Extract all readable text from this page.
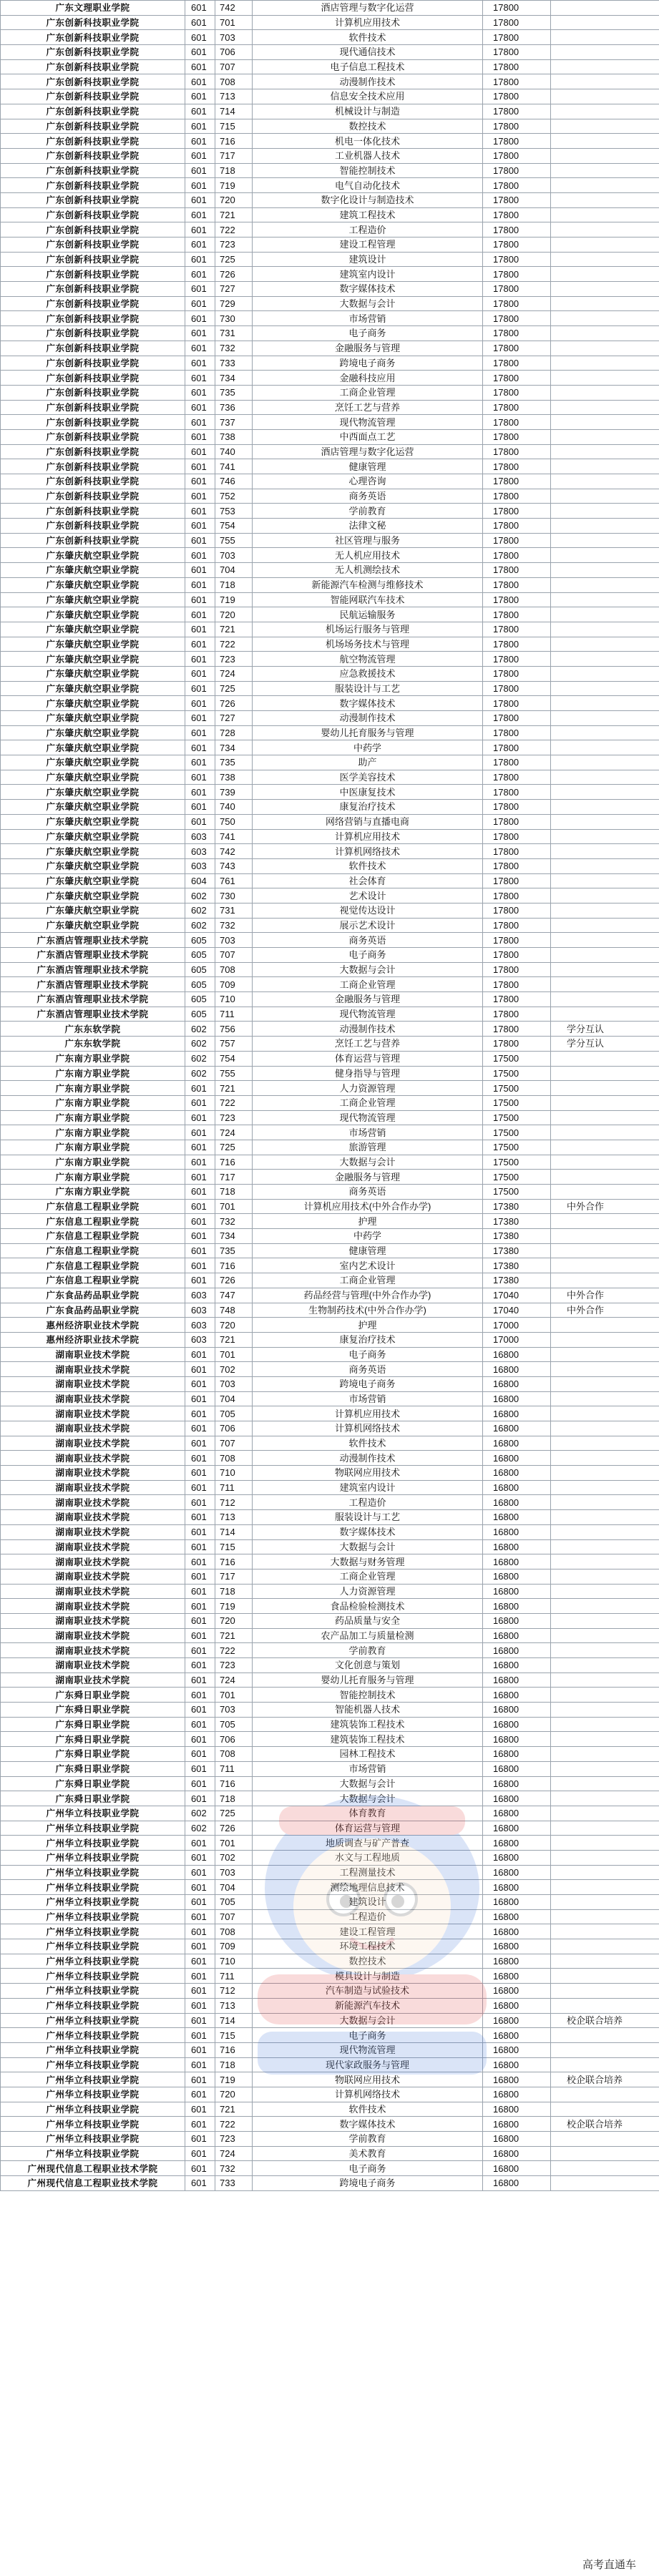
广东文理职业学院	601	742	酒店管理与数字化运营	17800	
广东创新科技职业学院	601	701	计算机应用技术	17800	
广东创新科技职业学院	601	703	软件技术	17800	
广东创新科技职业学院	601	706	现代通信技术	17800	
广东创新科技职业学院	601	707	电子信息工程技术	17800	
广东创新科技职业学院	601	708	动漫制作技术	17800	
广东创新科技职业学院	601	713	信息安全技术应用	17800	
广东创新科技职业学院	601	714	机械设计与制造	17800	
广东创新科技职业学院	601	715	数控技术	17800	
广东创新科技职业学院	601	716	机电一体化技术	17800	
广东创新科技职业学院	601	717	工业机器人技术	17800	
广东创新科技职业学院	601	718	智能控制技术	17800	
广东创新科技职业学院	601	719	电气自动化技术	17800	
广东创新科技职业学院	601	720	数字化设计与制造技术	17800	
广东创新科技职业学院	601	721	建筑工程技术	17800	
广东创新科技职业学院	601	722	工程造价	17800	
广东创新科技职业学院	601	723	建设工程管理	17800	
广东创新科技职业学院	601	725	建筑设计	17800	
广东创新科技职业学院	601	726	建筑室内设计	17800	
广东创新科技职业学院	601	727	数字媒体技术	17800	
广东创新科技职业学院	601	729	大数据与会计	17800	
广东创新科技职业学院	601	730	市场营销	17800	
广东创新科技职业学院	601	731	电子商务	17800	
广东创新科技职业学院	601	732	金融服务与管理	17800	
广东创新科技职业学院	601	733	跨境电子商务	17800	
广东创新科技职业学院	601	734	金融科技应用	17800	
广东创新科技职业学院	601	735	工商企业管理	17800	
广东创新科技职业学院	601	736	烹饪工艺与营养	17800	
广东创新科技职业学院	601	737	现代物流管理	17800	
广东创新科技职业学院	601	738	中西面点工艺	17800	
广东创新科技职业学院	601	740	酒店管理与数字化运营	17800	
广东创新科技职业学院	601	741	健康管理	17800	
广东创新科技职业学院	601	746	心理咨询	17800	
广东创新科技职业学院	601	752	商务英语	17800	
广东创新科技职业学院	601	753	学前教育	17800	
广东创新科技职业学院	601	754	法律文秘	17800	
广东创新科技职业学院	601	755	社区管理与服务	17800	
广东肇庆航空职业学院	601	703	无人机应用技术	17800	
广东肇庆航空职业学院	601	704	无人机测绘技术	17800	
广东肇庆航空职业学院	601	718	新能源汽车检测与维修技术	17800	
广东肇庆航空职业学院	601	719	智能网联汽车技术	17800	
广东肇庆航空职业学院	601	720	民航运输服务	17800	
广东肇庆航空职业学院	601	721	机场运行服务与管理	17800	
广东肇庆航空职业学院	601	722	机场场务技术与管理	17800	
广东肇庆航空职业学院	601	723	航空物流管理	17800	
广东肇庆航空职业学院	601	724	应急救援技术	17800	
广东肇庆航空职业学院	601	725	服装设计与工艺	17800	
广东肇庆航空职业学院	601	726	数字媒体技术	17800	
广东肇庆航空职业学院	601	727	动漫制作技术	17800	
广东肇庆航空职业学院	601	728	婴幼儿托育服务与管理	17800	
广东肇庆航空职业学院	601	734	中药学	17800	
广东肇庆航空职业学院	601	735	助产	17800	
广东肇庆航空职业学院	601	738	医学美容技术	17800	
广东肇庆航空职业学院	601	739	中医康复技术	17800	
广东肇庆航空职业学院	601	740	康复治疗技术	17800	
广东肇庆航空职业学院	601	750	网络营销与直播电商	17800	
广东肇庆航空职业学院	603	741	计算机应用技术	17800	
广东肇庆航空职业学院	603	742	计算机网络技术	17800	
广东肇庆航空职业学院	603	743	软件技术	17800	
广东肇庆航空职业学院	604	761	社会体育	17800	
广东肇庆航空职业学院	602	730	艺术设计	17800	
广东肇庆航空职业学院	602	731	视觉传达设计	17800	
广东肇庆航空职业学院	602	732	展示艺术设计	17800	
广东酒店管理职业技术学院	605	703	商务英语	17800	
广东酒店管理职业技术学院	605	707	电子商务	17800	
广东酒店管理职业技术学院	605	708	大数据与会计	17800	
广东酒店管理职业技术学院	605	709	工商企业管理	17800	
广东酒店管理职业技术学院	605	710	金融服务与管理	17800	
广东酒店管理职业技术学院	605	711	现代物流管理	17800	
广东东软学院	602	756	动漫制作技术	17800	学分互认
广东东软学院	602	757	烹饪工艺与营养	17800	学分互认
广东南方职业学院	602	754	体育运营与管理	17500	
广东南方职业学院	602	755	健身指导与管理	17500	
广东南方职业学院	601	721	人力资源管理	17500	
广东南方职业学院	601	722	工商企业管理	17500	
广东南方职业学院	601	723	现代物流管理	17500	
广东南方职业学院	601	724	市场营销	17500	
广东南方职业学院	601	725	旅游管理	17500	
广东南方职业学院	601	716	大数据与会计	17500	
广东南方职业学院	601	717	金融服务与管理	17500	
广东南方职业学院	601	718	商务英语	17500	
广东信息工程职业学院	601	701	计算机应用技术(中外合作办学)	17380	中外合作
广东信息工程职业学院	601	732	护理	17380	
广东信息工程职业学院	601	734	中药学	17380	
广东信息工程职业学院	601	735	健康管理	17380	
广东信息工程职业学院	601	716	室内艺术设计	17380	
广东信息工程职业学院	601	726	工商企业管理	17380	
广东食品药品职业学院	603	747	药品经营与管理(中外合作办学)	17040	中外合作
广东食品药品职业学院	603	748	生物制药技术(中外合作办学)	17040	中外合作
惠州经济职业技术学院	603	720	护理	17000	
惠州经济职业技术学院	603	721	康复治疗技术	17000	
湖南职业技术学院	601	701	电子商务	16800	
湖南职业技术学院	601	702	商务英语	16800	
湖南职业技术学院	601	703	跨境电子商务	16800	
湖南职业技术学院	601	704	市场营销	16800	
湖南职业技术学院	601	705	计算机应用技术	16800	
湖南职业技术学院	601	706	计算机网络技术	16800	
湖南职业技术学院	601	707	软件技术	16800	
湖南职业技术学院	601	708	动漫制作技术	16800	
湖南职业技术学院	601	710	物联网应用技术	16800	
湖南职业技术学院	601	711	建筑室内设计	16800	
湖南职业技术学院	601	712	工程造价	16800	
湖南职业技术学院	601	713	服装设计与工艺	16800	
湖南职业技术学院	601	714	数字媒体技术	16800	
湖南职业技术学院	601	715	大数据与会计	16800	
湖南职业技术学院	601	716	大数据与财务管理	16800	
湖南职业技术学院	601	717	工商企业管理	16800	
湖南职业技术学院	601	718	人力资源管理	16800	
湖南职业技术学院	601	719	食品检验检测技术	16800	
湖南职业技术学院	601	720	药品质量与安全	16800	
湖南职业技术学院	601	721	农产品加工与质量检测	16800	
湖南职业技术学院	601	722	学前教育	16800	
湖南职业技术学院	601	723	文化创意与策划	16800	
湖南职业技术学院	601	724	婴幼儿托育服务与管理	16800	
广东舜日职业学院	601	701	智能控制技术	16800	
广东舜日职业学院	601	703	智能机器人技术	16800	
广东舜日职业学院	601	705	建筑装饰工程技术	16800	
广东舜日职业学院	601	706	建筑装饰工程技术	16800	
广东舜日职业学院	601	708	园林工程技术	16800	
广东舜日职业学院	601	711	市场营销	16800	
广东舜日职业学院	601	716	大数据与会计	16800	
广东舜日职业学院	601	718	大数据与会计	16800	
广州华立科技职业学院	602	725	体育教育	16800	
广州华立科技职业学院	602	726	体育运营与管理	16800	
广州华立科技职业学院	601	701	地质调查与矿产普查	16800	
广州华立科技职业学院	601	702	水文与工程地质	16800	
广州华立科技职业学院	601	703	工程测量技术	16800	
广州华立科技职业学院	601	704	测绘地理信息技术	16800	
广州华立科技职业学院	601	705	建筑设计	16800	
广州华立科技职业学院	601	707	工程造价	16800	
广州华立科技职业学院	601	708	建设工程管理	16800	
广州华立科技职业学院	601	709	环境工程技术	16800	
广州华立科技职业学院	601	710	数控技术	16800	
广州华立科技职业学院	601	711	模具设计与制造	16800	
广州华立科技职业学院	601	712	汽车制造与试验技术	16800	
广州华立科技职业学院	601	713	新能源汽车技术	16800	
广州华立科技职业学院	601	714	大数据与会计	16800	校企联合培养
广州华立科技职业学院	601	715	电子商务	16800	
广州华立科技职业学院	601	716	现代物流管理	16800	
广州华立科技职业学院	601	718	现代家政服务与管理	16800	
广州华立科技职业学院	601	719	物联网应用技术	16800	校企联合培养
广州华立科技职业学院	601	720	计算机网络技术	16800	
广州华立科技职业学院	601	721	软件技术	16800	
广州华立科技职业学院	601	722	数字媒体技术	16800	校企联合培养
广州华立科技职业学院	601	723	学前教育	16800	
广州华立科技职业学院	601	724	美术教育	16800	
广州现代信息工程职业技术学院	601	732	电子商务	16800	
广州现代信息工程职业技术学院	601	733	跨境电子商务	16800	
高考直通车
